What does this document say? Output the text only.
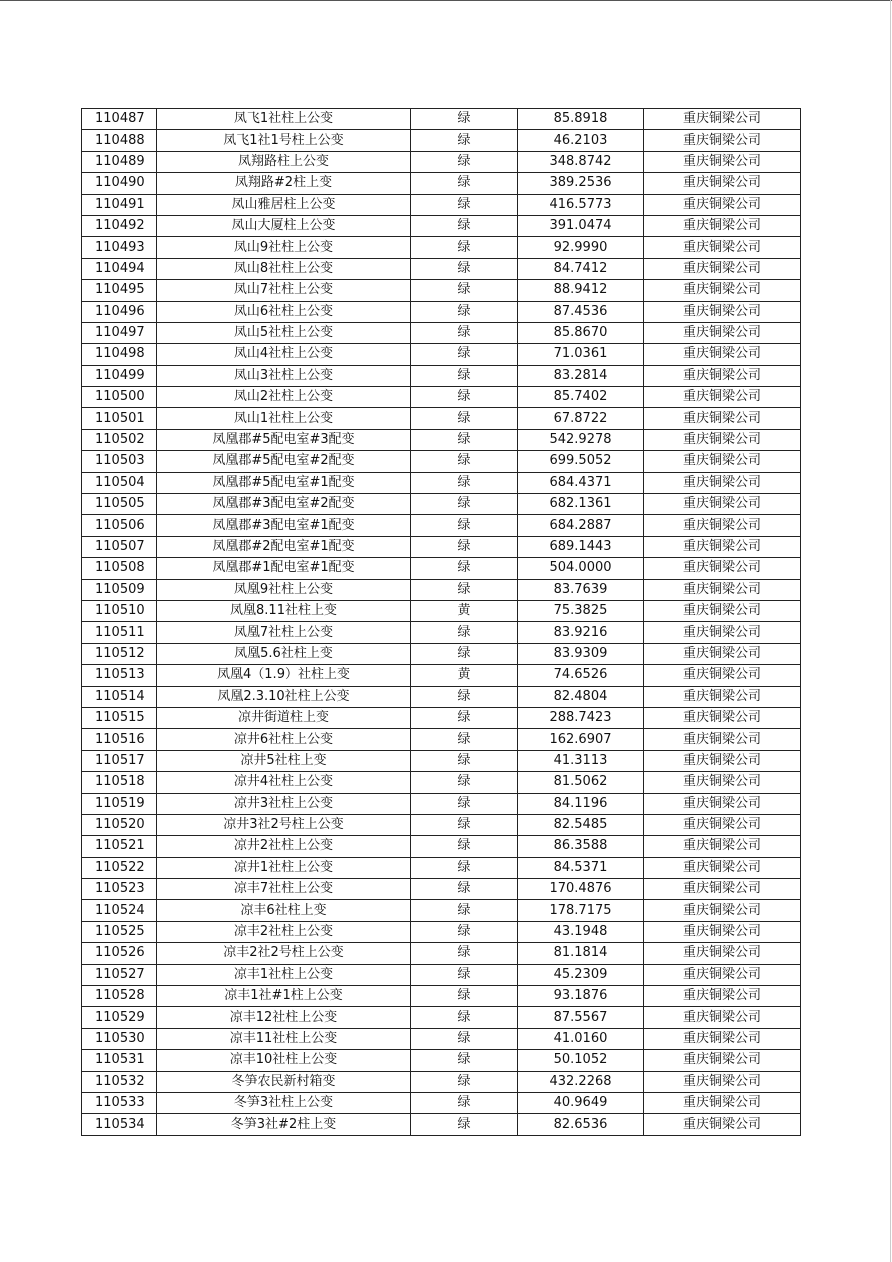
110487	凤飞1社柱上公变	绿	85.8918	重庆铜梁公司
110488	凤飞1社1号柱上公变	绿	46.2103	重庆铜梁公司
110489	凤翔路柱上公变	绿	348.8742	重庆铜梁公司
110490	凤翔路#2柱上变	绿	389.2536	重庆铜梁公司
110491	凤山雅居柱上公变	绿	416.5773	重庆铜梁公司
110492	凤山大厦柱上公变	绿	391.0474	重庆铜梁公司
110493	凤山9社柱上公变	绿	92.9990	重庆铜梁公司
110494	凤山8社柱上公变	绿	84.7412	重庆铜梁公司
110495	凤山7社柱上公变	绿	88.9412	重庆铜梁公司
110496	凤山6社柱上公变	绿	87.4536	重庆铜梁公司
110497	凤山5社柱上公变	绿	85.8670	重庆铜梁公司
110498	凤山4社柱上公变	绿	71.0361	重庆铜梁公司
110499	凤山3社柱上公变	绿	83.2814	重庆铜梁公司
110500	凤山2社柱上公变	绿	85.7402	重庆铜梁公司
110501	凤山1社柱上公变	绿	67.8722	重庆铜梁公司
110502	凤凰郡#5配电室#3配变	绿	542.9278	重庆铜梁公司
110503	凤凰郡#5配电室#2配变	绿	699.5052	重庆铜梁公司
110504	凤凰郡#5配电室#1配变	绿	684.4371	重庆铜梁公司
110505	凤凰郡#3配电室#2配变	绿	682.1361	重庆铜梁公司
110506	凤凰郡#3配电室#1配变	绿	684.2887	重庆铜梁公司
110507	凤凰郡#2配电室#1配变	绿	689.1443	重庆铜梁公司
110508	凤凰郡#1配电室#1配变	绿	504.0000	重庆铜梁公司
110509	凤凰9社柱上公变	绿	83.7639	重庆铜梁公司
110510	凤凰8.11社柱上变	黄	75.3825	重庆铜梁公司
110511	凤凰7社柱上公变	绿	83.9216	重庆铜梁公司
110512	凤凰5.6社柱上变	绿	83.9309	重庆铜梁公司
110513	凤凰4（1.9）社柱上变	黄	74.6526	重庆铜梁公司
110514	凤凰2.3.10社柱上公变	绿	82.4804	重庆铜梁公司
110515	凉井街道柱上变	绿	288.7423	重庆铜梁公司
110516	凉井6社柱上公变	绿	162.6907	重庆铜梁公司
110517	凉井5社柱上变	绿	41.3113	重庆铜梁公司
110518	凉井4社柱上公变	绿	81.5062	重庆铜梁公司
110519	凉井3社柱上公变	绿	84.1196	重庆铜梁公司
110520	凉井3社2号柱上公变	绿	82.5485	重庆铜梁公司
110521	凉井2社柱上公变	绿	86.3588	重庆铜梁公司
110522	凉井1社柱上公变	绿	84.5371	重庆铜梁公司
110523	凉丰7社柱上公变	绿	170.4876	重庆铜梁公司
110524	凉丰6社柱上变	绿	178.7175	重庆铜梁公司
110525	凉丰2社柱上公变	绿	43.1948	重庆铜梁公司
110526	凉丰2社2号柱上公变	绿	81.1814	重庆铜梁公司
110527	凉丰1社柱上公变	绿	45.2309	重庆铜梁公司
110528	凉丰1社#1柱上公变	绿	93.1876	重庆铜梁公司
110529	凉丰12社柱上公变	绿	87.5567	重庆铜梁公司
110530	凉丰11社柱上公变	绿	41.0160	重庆铜梁公司
110531	凉丰10社柱上公变	绿	50.1052	重庆铜梁公司
110532	冬笋农民新村箱变	绿	432.2268	重庆铜梁公司
110533	冬笋3社柱上公变	绿	40.9649	重庆铜梁公司
110534	冬笋3社#2柱上变	绿	82.6536	重庆铜梁公司
